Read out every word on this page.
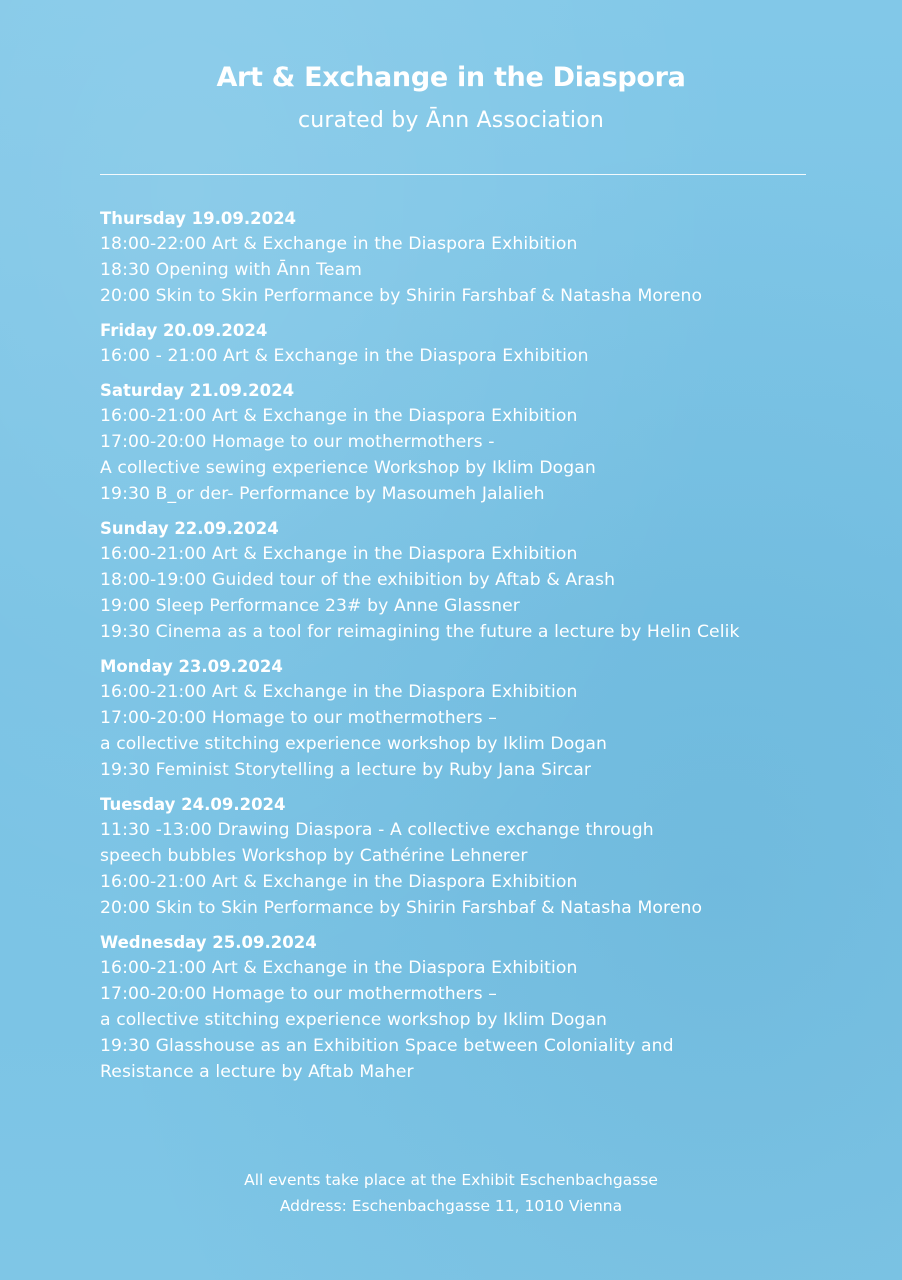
Art & Exchange in the Diaspora
curated by Ānn Association
Thursday 19.09.2024
18:00-22:00 Art & Exchange in the Diaspora Exhibition
18:30 Opening with Ānn Team
20:00 Skin to Skin Performance by Shirin Farshbaf & Natasha Moreno
Friday 20.09.2024
16:00 - 21:00 Art & Exchange in the Diaspora Exhibition
Saturday 21.09.2024
16:00-21:00 Art & Exchange in the Diaspora Exhibition
17:00-20:00 Homage to our mothermothers -
A collective sewing experience Workshop by Iklim Dogan
19:30 B_or der- Performance by Masoumeh Jalalieh
Sunday 22.09.2024
16:00-21:00 Art & Exchange in the Diaspora Exhibition
18:00-19:00 Guided tour of the exhibition by Aftab & Arash
19:00 Sleep Performance 23# by Anne Glassner
19:30 Cinema as a tool for reimagining the future a lecture by Helin Celik
Monday 23.09.2024
16:00-21:00 Art & Exchange in the Diaspora Exhibition
17:00-20:00 Homage to our mothermothers –
a collective stitching experience workshop by Iklim Dogan
19:30 Feminist Storytelling a lecture by Ruby Jana Sircar
Tuesday 24.09.2024
11:30 -13:00 Drawing Diaspora - A collective exchange through
speech bubbles Workshop by Cathérine Lehnerer
16:00-21:00 Art & Exchange in the Diaspora Exhibition
20:00 Skin to Skin Performance by Shirin Farshbaf & Natasha Moreno
Wednesday 25.09.2024
16:00-21:00 Art & Exchange in the Diaspora Exhibition
17:00-20:00 Homage to our mothermothers –
a collective stitching experience workshop by Iklim Dogan
19:30 Glasshouse as an Exhibition Space between Coloniality and
Resistance a lecture by Aftab Maher
All events take place at the Exhibit Eschenbachgasse
Address: Eschenbachgasse 11, 1010 Vienna
